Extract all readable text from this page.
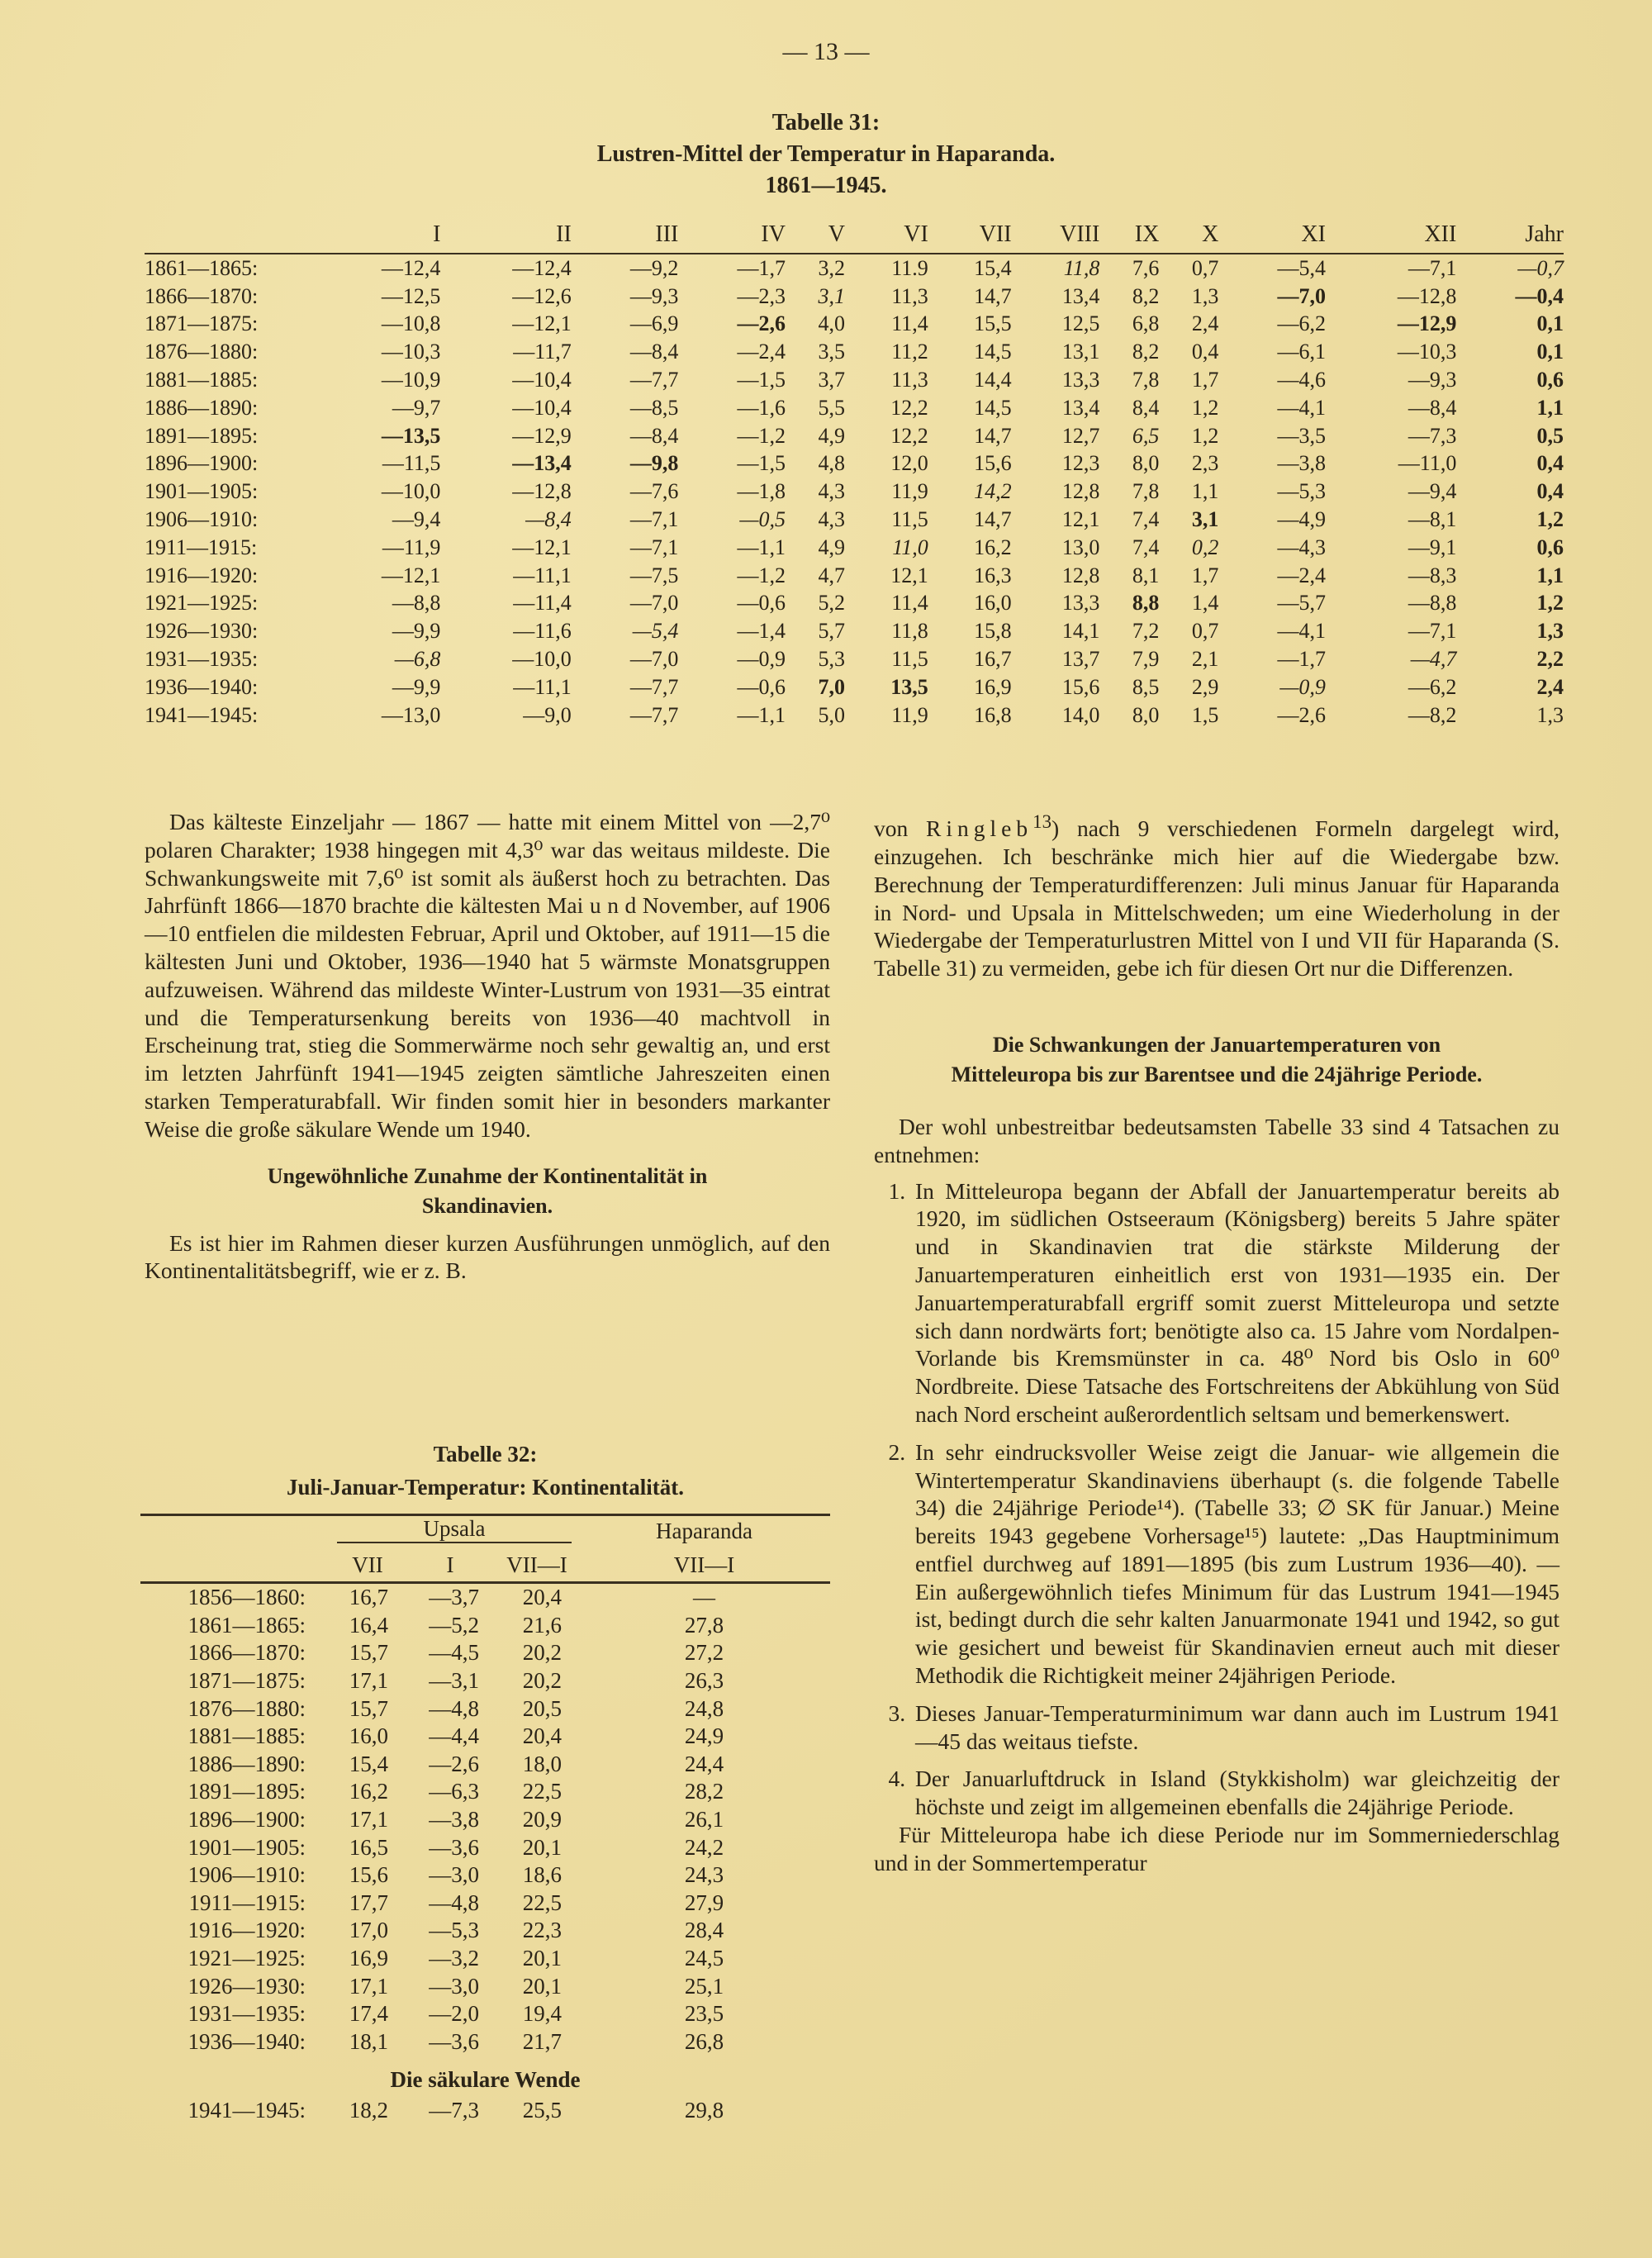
— 13 —
Tabelle 31:
Lustren-Mittel der Temperatur in Haparanda.
1861—1945.
	I	II	III	IV	V	VI	VII	VIII	IX	X	XI	XII	Jahr
1861—1865:	—12,4	—12,4	—9,2	—1,7	3,2	11.9	15,4	11,8	7,6	0,7	—5,4	—7,1	—0,7
1866—1870:	—12,5	—12,6	—9,3	—2,3	3,1	11,3	14,7	13,4	8,2	1,3	—7,0	—12,8	—0,4
1871—1875:	—10,8	—12,1	—6,9	—2,6	4,0	11,4	15,5	12,5	6,8	2,4	—6,2	—12,9	0,1
1876—1880:	—10,3	—11,7	—8,4	—2,4	3,5	11,2	14,5	13,1	8,2	0,4	—6,1	—10,3	0,1
1881—1885:	—10,9	—10,4	—7,7	—1,5	3,7	11,3	14,4	13,3	7,8	1,7	—4,6	—9,3	0,6
1886—1890:	—9,7	—10,4	—8,5	—1,6	5,5	12,2	14,5	13,4	8,4	1,2	—4,1	—8,4	1,1
1891—1895:	—13,5	—12,9	—8,4	—1,2	4,9	12,2	14,7	12,7	6,5	1,2	—3,5	—7,3	0,5
1896—1900:	—11,5	—13,4	—9,8	—1,5	4,8	12,0	15,6	12,3	8,0	2,3	—3,8	—11,0	0,4
1901—1905:	—10,0	—12,8	—7,6	—1,8	4,3	11,9	14,2	12,8	7,8	1,1	—5,3	—9,4	0,4
1906—1910:	—9,4	—8,4	—7,1	—0,5	4,3	11,5	14,7	12,1	7,4	3,1	—4,9	—8,1	1,2
1911—1915:	—11,9	—12,1	—7,1	—1,1	4,9	11,0	16,2	13,0	7,4	0,2	—4,3	—9,1	0,6
1916—1920:	—12,1	—11,1	—7,5	—1,2	4,7	12,1	16,3	12,8	8,1	1,7	—2,4	—8,3	1,1
1921—1925:	—8,8	—11,4	—7,0	—0,6	5,2	11,4	16,0	13,3	8,8	1,4	—5,7	—8,8	1,2
1926—1930:	—9,9	—11,6	—5,4	—1,4	5,7	11,8	15,8	14,1	7,2	0,7	—4,1	—7,1	1,3
1931—1935:	—6,8	—10,0	—7,0	—0,9	5,3	11,5	16,7	13,7	7,9	2,1	—1,7	—4,7	2,2
1936—1940:	—9,9	—11,1	—7,7	—0,6	7,0	13,5	16,9	15,6	8,5	2,9	—0,9	—6,2	2,4
1941—1945:	—13,0	—9,0	—7,7	—1,1	5,0	11,9	16,8	14,0	8,0	1,5	—2,6	—8,2	1,3

Das kälteste Einzeljahr — 1867 — hatte mit einem Mittel von —2,7⁰ polaren Charakter; 1938 hingegen mit 4,3⁰ war das weitaus mildeste. Die Schwankungsweite mit 7,6⁰ ist somit als äußerst hoch zu betrachten. Das Jahrfünft 1866—1870 brachte die kältesten Mai u n d November, auf 1906—10 entfielen die mildesten Februar, April und Oktober, auf 1911—15 die kältesten Juni und Oktober, 1936—1940 hat 5 wärmste Monatsgruppen aufzuweisen. Während das mildeste Winter-Lustrum von 1931—35 eintrat und die Temperatursenkung bereits von 1936—40 machtvoll in Erscheinung trat, stieg die Sommerwärme noch sehr gewaltig an, und erst im letzten Jahrfünft 1941—1945 zeigten sämtliche Jahreszeiten einen starken Temperaturabfall. Wir finden somit hier in besonders markanter Weise die große säkulare Wende um 1940.

Ungewöhnliche Zunahme der Kontinentalität in Skandinavien.

Es ist hier im Rahmen dieser kurzen Ausführungen unmöglich, auf den Kontinentalitätsbegriff, wie er z. B.

Tabelle 32:
Juli-Januar-Temperatur: Kontinentalität.
	Upsala			Haparanda
	VII	I	VII—I	VII—I
1856—1860:	16,7	—3,7	20,4	—
1861—1865:	16,4	—5,2	21,6	27,8
1866—1870:	15,7	—4,5	20,2	27,2
1871—1875:	17,1	—3,1	20,2	26,3
1876—1880:	15,7	—4,8	20,5	24,8
1881—1885:	16,0	—4,4	20,4	24,9
1886—1890:	15,4	—2,6	18,0	24,4
1891—1895:	16,2	—6,3	22,5	28,2
1896—1900:	17,1	—3,8	20,9	26,1
1901—1905:	16,5	—3,6	20,1	24,2
1906—1910:	15,6	—3,0	18,6	24,3
1911—1915:	17,7	—4,8	22,5	27,9
1916—1920:	17,0	—5,3	22,3	28,4
1921—1925:	16,9	—3,2	20,1	24,5
1926—1930:	17,1	—3,0	20,1	25,1
1931—1935:	17,4	—2,0	19,4	23,5
1936—1940:	18,1	—3,6	21,7	26,8
Die säkulare Wende				
1941—1945:	18,2	—7,3	25,5	29,8

von Ringleb$^{13}$) nach 9 verschiedenen Formeln dargelegt wird, einzugehen. Ich beschränke mich hier auf die Wiedergabe bzw. Berechnung der Temperaturdifferenzen: Juli minus Januar für Haparanda in Nord- und Upsala in Mittelschweden; um eine Wiederholung in der Wiedergabe der Temperaturlustren Mittel von I und VII für Haparanda (S. Tabelle 31) zu vermeiden, gebe ich für diesen Ort nur die Differenzen.

Die Schwankungen der Januartemperaturen von Mitteleuropa bis zur Barentsee und die 24jährige Periode.

Der wohl unbestreitbar bedeutsamsten Tabelle 33 sind 4 Tatsachen zu entnehmen:

1. In Mitteleuropa begann der Abfall der Januartemperatur bereits ab 1920, im südlichen Ostseeraum (Königsberg) bereits 5 Jahre später und in Skandinavien trat die stärkste Milderung der Januartemperaturen einheitlich erst von 1931—1935 ein. Der Januartemperaturabfall ergriff somit zuerst Mitteleuropa und setzte sich dann nordwärts fort; benötigte also ca. 15 Jahre vom Nordalpen-Vorlande bis Kremsmünster in ca. 48⁰ Nord bis Oslo in 60⁰ Nordbreite. Diese Tatsache des Fortschreitens der Abkühlung von Süd nach Nord erscheint außerordentlich seltsam und bemerkenswert.
2. In sehr eindrucksvoller Weise zeigt die Januar- wie allgemein die Wintertemperatur Skandinaviens überhaupt (s. die folgende Tabelle 34) die 24jährige Periode¹⁴). (Tabelle 33; ∅ SK für Januar.) Meine bereits 1943 gegebene Vorhersage¹⁵) lautete: „Das Hauptminimum entfiel durchweg auf 1891—1895 (bis zum Lustrum 1936—40). — Ein außergewöhnlich tiefes Minimum für das Lustrum 1941—1945 ist, bedingt durch die sehr kalten Januarmonate 1941 und 1942, so gut wie gesichert und beweist für Skandinavien erneut auch mit dieser Methodik die Richtigkeit meiner 24jährigen Periode.
3. Dieses Januar-Temperaturminimum war dann auch im Lustrum 1941—45 das weitaus tiefste.
4. Der Januarluftdruck in Island (Stykkisholm) war gleichzeitig der höchste und zeigt im allgemeinen ebenfalls die 24jährige Periode.

Für Mitteleuropa habe ich diese Periode nur im Sommerniederschlag und in der Sommertemperatur
